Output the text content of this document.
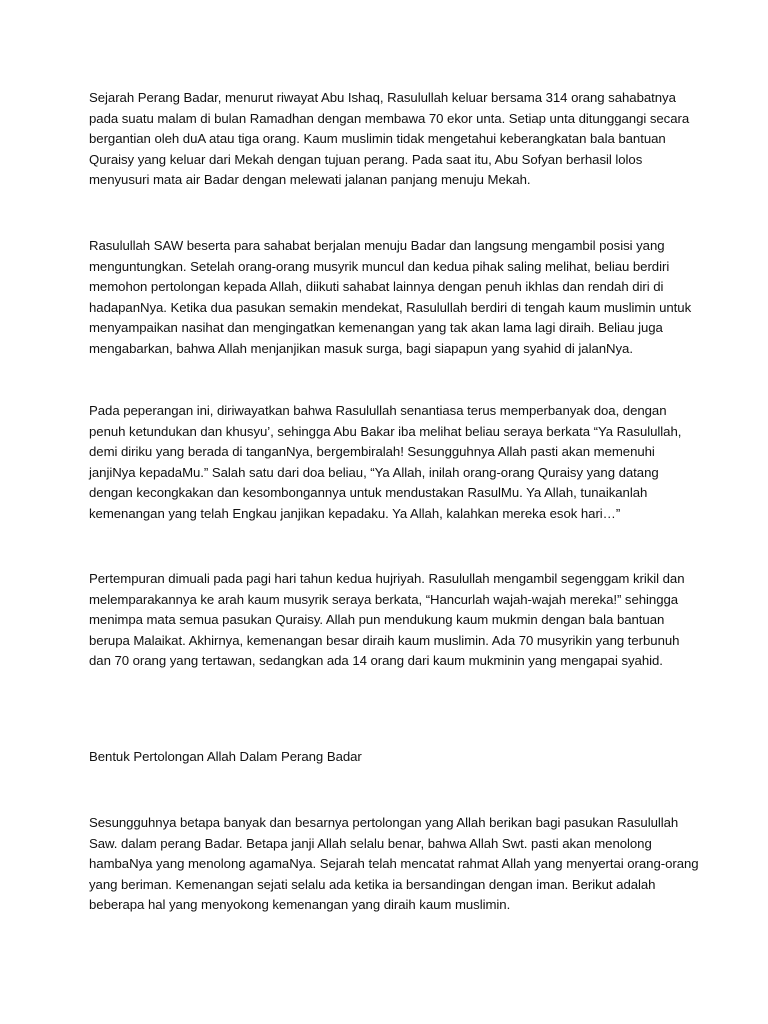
Sejarah Perang Badar, menurut riwayat Abu Ishaq, Rasulullah keluar bersama 314 orang sahabatnya

pada suatu malam di bulan Ramadhan dengan membawa 70 ekor unta. Setiap unta ditunggangi secara

bergantian oleh duA atau tiga orang. Kaum muslimin tidak mengetahui keberangkatan bala bantuan

Quraisy yang keluar dari Mekah dengan tujuan perang. Pada saat itu, Abu Sofyan berhasil lolos

menyusuri mata air Badar dengan melewati jalanan panjang menuju Mekah.

Rasulullah SAW beserta para sahabat berjalan menuju Badar dan langsung mengambil posisi yang

menguntungkan. Setelah orang-orang musyrik muncul dan kedua pihak saling melihat, beliau berdiri

memohon pertolongan kepada Allah, diikuti sahabat lainnya dengan penuh ikhlas dan rendah diri di

hadapanNya. Ketika dua pasukan semakin mendekat, Rasulullah berdiri di tengah kaum muslimin untuk

menyampaikan nasihat dan mengingatkan kemenangan yang tak akan lama lagi diraih. Beliau juga

mengabarkan, bahwa Allah menjanjikan masuk surga, bagi siapapun yang syahid di jalanNya.

Pada peperangan ini, diriwayatkan bahwa Rasulullah senantiasa terus memperbanyak doa, dengan

penuh ketundukan dan khusyu’, sehingga Abu Bakar iba melihat beliau seraya berkata “Ya Rasulullah,

demi diriku yang berada di tanganNya, bergembiralah! Sesungguhnya Allah pasti akan memenuhi

janjiNya kepadaMu.” Salah satu dari doa beliau, “Ya Allah, inilah orang-orang Quraisy yang datang

dengan kecongkakan dan kesombongannya untuk mendustakan RasulMu. Ya Allah, tunaikanlah

kemenangan yang telah Engkau janjikan kepadaku. Ya Allah, kalahkan mereka esok hari…”

Pertempuran dimuali pada pagi hari tahun kedua hujriyah. Rasulullah mengambil segenggam krikil dan

melemparakannya ke arah kaum musyrik seraya berkata, “Hancurlah wajah-wajah mereka!” sehingga

menimpa mata semua pasukan Quraisy. Allah pun mendukung kaum mukmin dengan bala bantuan

berupa Malaikat. Akhirnya, kemenangan besar diraih kaum muslimin. Ada 70 musyrikin yang terbunuh

dan 70 orang yang tertawan, sedangkan ada 14 orang dari kaum mukminin yang mengapai syahid.

Bentuk Pertolongan Allah Dalam Perang Badar

Sesungguhnya betapa banyak dan besarnya pertolongan yang Allah berikan bagi pasukan Rasulullah

Saw. dalam perang Badar. Betapa janji Allah selalu benar, bahwa Allah Swt. pasti akan menolong

hambaNya yang menolong agamaNya. Sejarah telah mencatat rahmat Allah yang menyertai orang-orang

yang beriman. Kemenangan sejati selalu ada ketika ia bersandingan dengan iman. Berikut adalah

beberapa hal yang menyokong kemenangan yang diraih kaum muslimin.
